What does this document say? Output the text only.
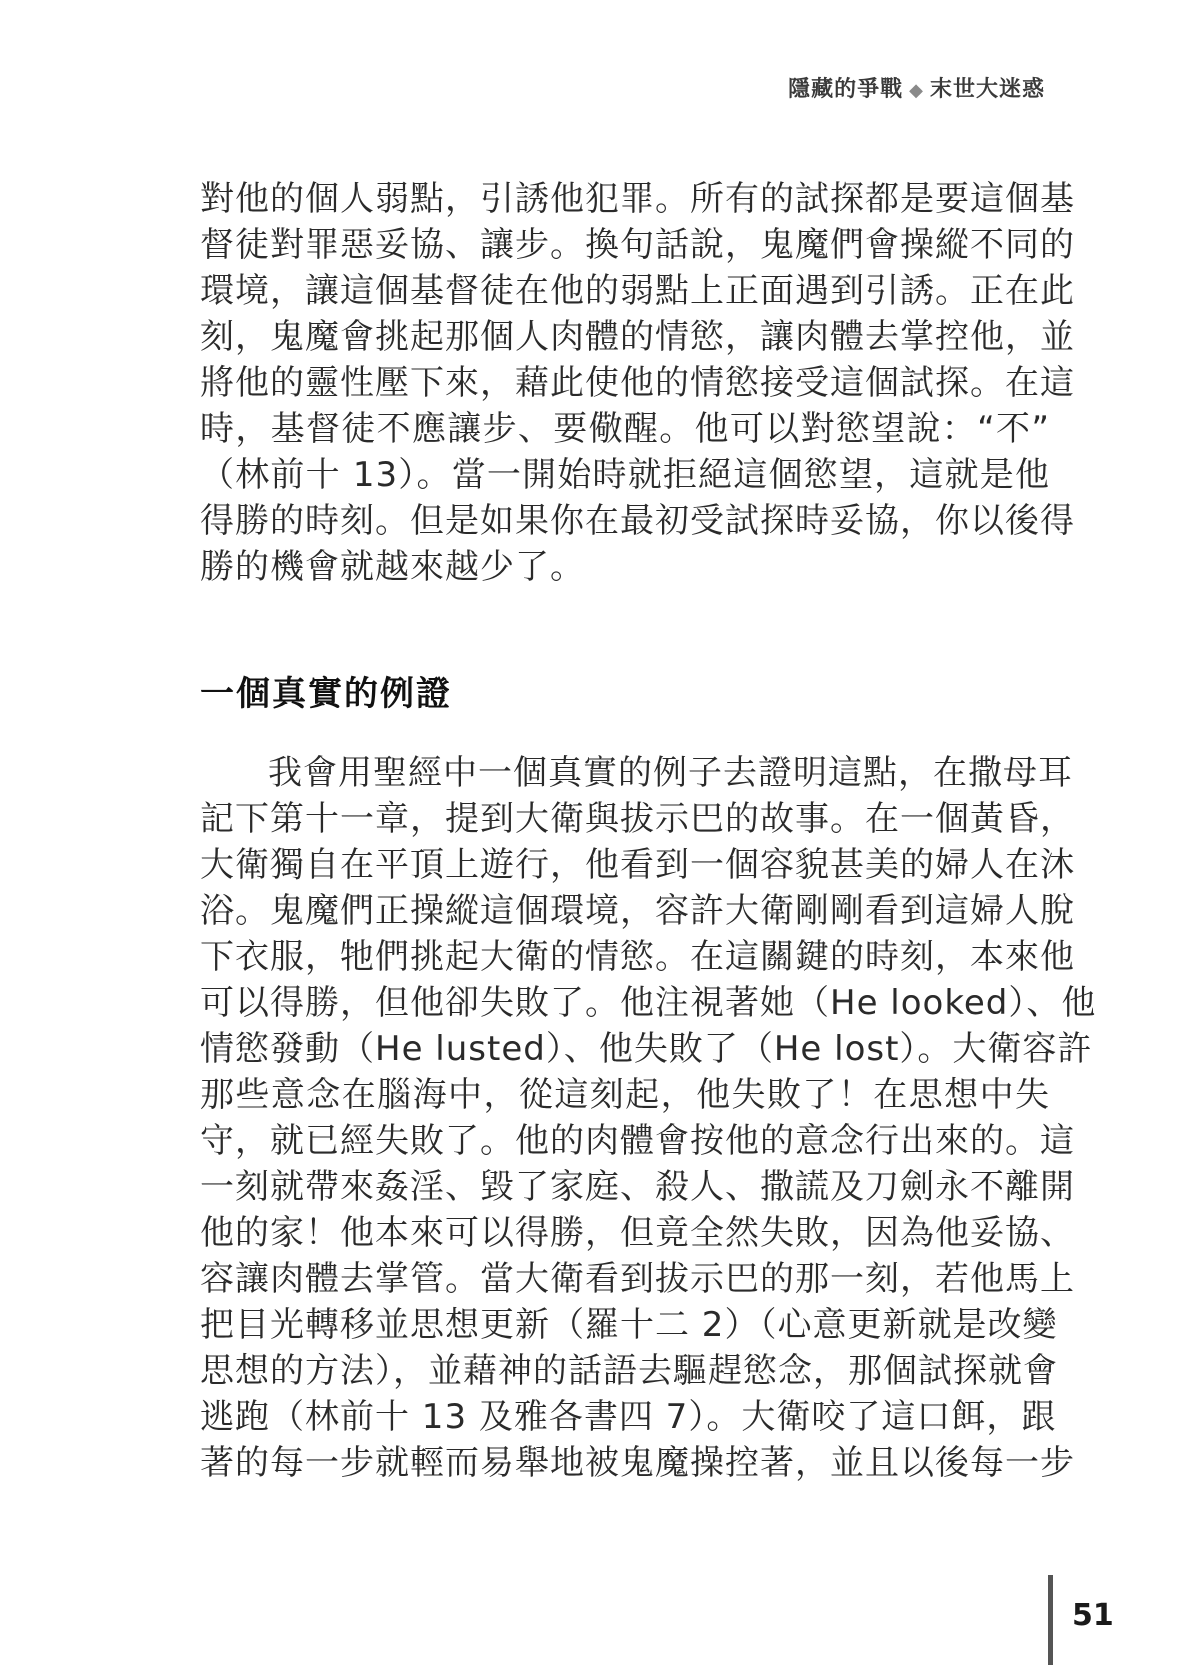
隱藏的爭戰 ◆ 末世大迷惑
對他的個人弱點，引誘他犯罪。所有的試探都是要這個基
督徒對罪惡妥協、讓步。換句話說，鬼魔們會操縱不同的
環境，讓這個基督徒在他的弱點上正面遇到引誘。正在此
刻，鬼魔會挑起那個人肉體的情慾，讓肉體去掌控他，並
將他的靈性壓下來，藉此使他的情慾接受這個試探。在這
時，基督徒不應讓步、要儆醒。他可以對慾望說：“不”
（林前十 13）。當一開始時就拒絕這個慾望，這就是他
得勝的時刻。但是如果你在最初受試探時妥協，你以後得
勝的機會就越來越少了。
一個真實的例證
我會用聖經中一個真實的例子去證明這點，在撒母耳
記下第十一章，提到大衛與拔示巴的故事。在一個黃昏，
大衛獨自在平頂上遊行，他看到一個容貌甚美的婦人在沐
浴。鬼魔們正操縱這個環境，容許大衛剛剛看到這婦人脫
下衣服，牠們挑起大衛的情慾。在這關鍵的時刻，本來他
可以得勝，但他卻失敗了。他注視著她（He looked）、他
情慾發動（He lusted）、他失敗了（He lost）。大衛容許
那些意念在腦海中，從這刻起，他失敗了！在思想中失
守，就已經失敗了。他的肉體會按他的意念行出來的。這
一刻就帶來姦淫、毀了家庭、殺人、撒謊及刀劍永不離開
他的家！他本來可以得勝，但竟全然失敗，因為他妥協、
容讓肉體去掌管。當大衛看到拔示巴的那一刻，若他馬上
把目光轉移並思想更新（羅十二 2）（心意更新就是改變
思想的方法），並藉神的話語去驅趕慾念，那個試探就會
逃跑（林前十 13 及雅各書四 7）。大衛咬了這口餌，跟
著的每一步就輕而易舉地被鬼魔操控著，並且以後每一步
51
